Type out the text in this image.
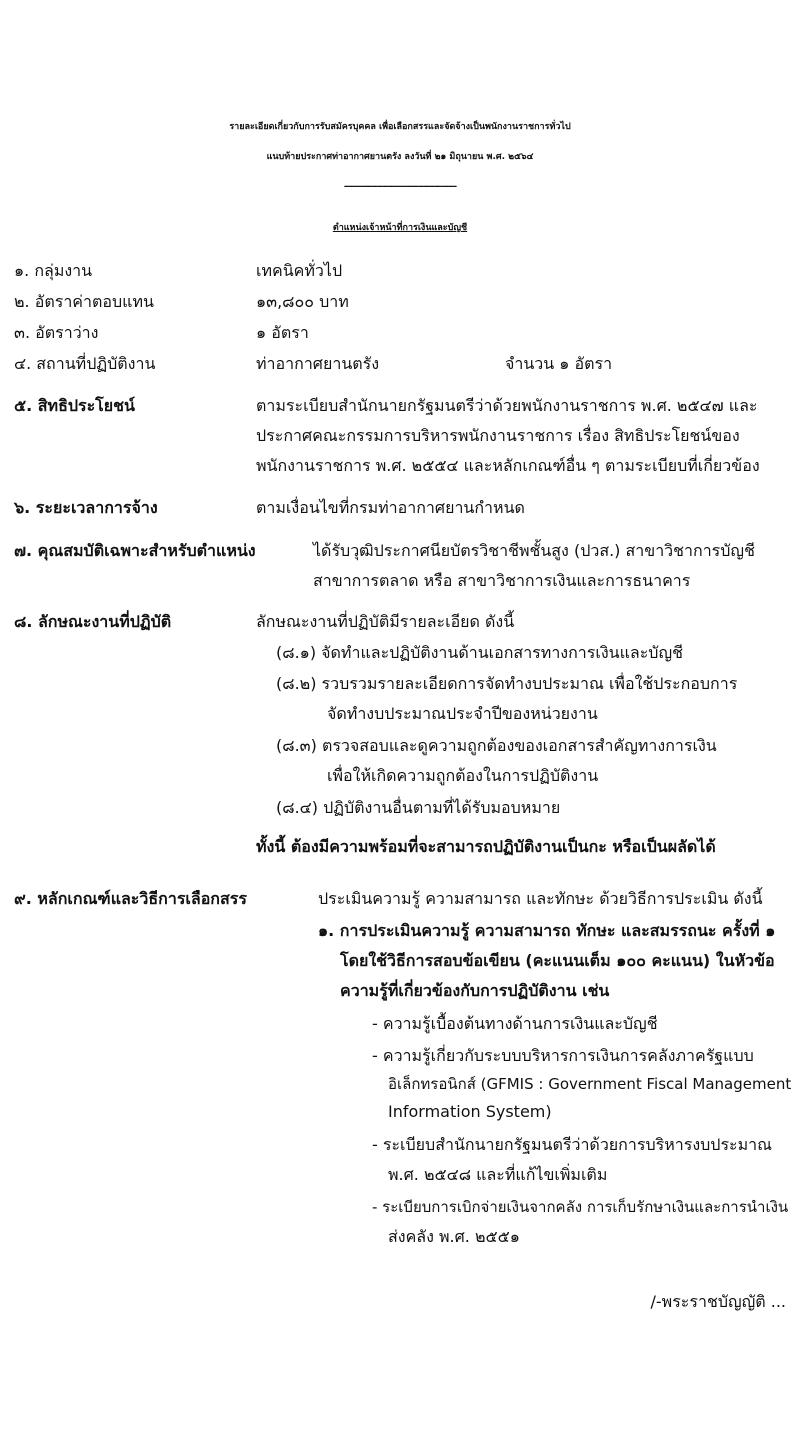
รายละเอียดเกี่ยวกับการรับสมัครบุคคล เพื่อเลือกสรรและจัดจ้างเป็นพนักงานราชการทั่วไป
แนบท้ายประกาศท่าอากาศยานตรัง ลงวันที่ ๒๑ มิถุนายน พ.ศ. ๒๕๖๔
-----------------------------------------
ตำแหน่งเจ้าหน้าที่การเงินและบัญชี
๑. กลุ่มงาน	เทคนิคทั่วไป
๒. อัตราค่าตอบแทน	๑๓,๘๐๐ บาท
๓. อัตราว่าง	๑ อัตรา
๔. สถานที่ปฏิบัติงาน	ท่าอากาศยานตรัง	จำนวน ๑ อัตรา
๕. สิทธิประโยชน์	ตามระเบียบสำนักนายกรัฐมนตรีว่าด้วยพนักงานราชการ พ.ศ. ๒๕๔๗ และ
ประกาศคณะกรรมการบริหารพนักงานราชการ เรื่อง สิทธิประโยชน์ของ
พนักงานราชการ พ.ศ. ๒๕๕๔ และหลักเกณฑ์อื่น ๆ ตามระเบียบที่เกี่ยวข้อง
๖. ระยะเวลาการจ้าง	ตามเงื่อนไขที่กรมท่าอากาศยานกำหนด
๗. คุณสมบัติเฉพาะสำหรับตำแหน่ง	ได้รับวุฒิประกาศนียบัตรวิชาชีพชั้นสูง (ปวส.) สาขาวิชาการบัญชี
สาขาการตลาด หรือ สาขาวิชาการเงินและการธนาคาร
๘. ลักษณะงานที่ปฏิบัติ	ลักษณะงานที่ปฏิบัติมีรายละเอียด ดังนี้
(๘.๑) จัดทำและปฏิบัติงานด้านเอกสารทางการเงินและบัญชี
(๘.๒) รวบรวมรายละเอียดการจัดทำงบประมาณ เพื่อใช้ประกอบการ
จัดทำงบประมาณประจำปีของหน่วยงาน
(๘.๓) ตรวจสอบและดูความถูกต้องของเอกสารสำคัญทางการเงิน
เพื่อให้เกิดความถูกต้องในการปฏิบัติงาน
(๘.๔) ปฏิบัติงานอื่นตามที่ได้รับมอบหมาย
ทั้งนี้ ต้องมีความพร้อมที่จะสามารถปฏิบัติงานเป็นกะ หรือเป็นผลัดได้
๙. หลักเกณฑ์และวิธีการเลือกสรร	ประเมินความรู้ ความสามารถ และทักษะ ด้วยวิธีการประเมิน ดังนี้
๑. การประเมินความรู้ ความสามารถ ทักษะ และสมรรถนะ ครั้งที่ ๑
โดยใช้วิธีการสอบข้อเขียน (คะแนนเต็ม ๑๐๐ คะแนน) ในหัวข้อ
ความรู้ที่เกี่ยวข้องกับการปฏิบัติงาน เช่น
- ความรู้เบื้องต้นทางด้านการเงินและบัญชี
- ความรู้เกี่ยวกับระบบบริหารการเงินการคลังภาครัฐแบบ
อิเล็กทรอนิกส์ (GFMIS : Government Fiscal Management
Information System)
- ระเบียบสำนักนายกรัฐมนตรีว่าด้วยการบริหารงบประมาณ
พ.ศ. ๒๕๔๘ และที่แก้ไขเพิ่มเติม
- ระเบียบการเบิกจ่ายเงินจากคลัง การเก็บรักษาเงินและการนำเงิน
ส่งคลัง พ.ศ. ๒๕๕๑
/-พระราชบัญญัติ ...
